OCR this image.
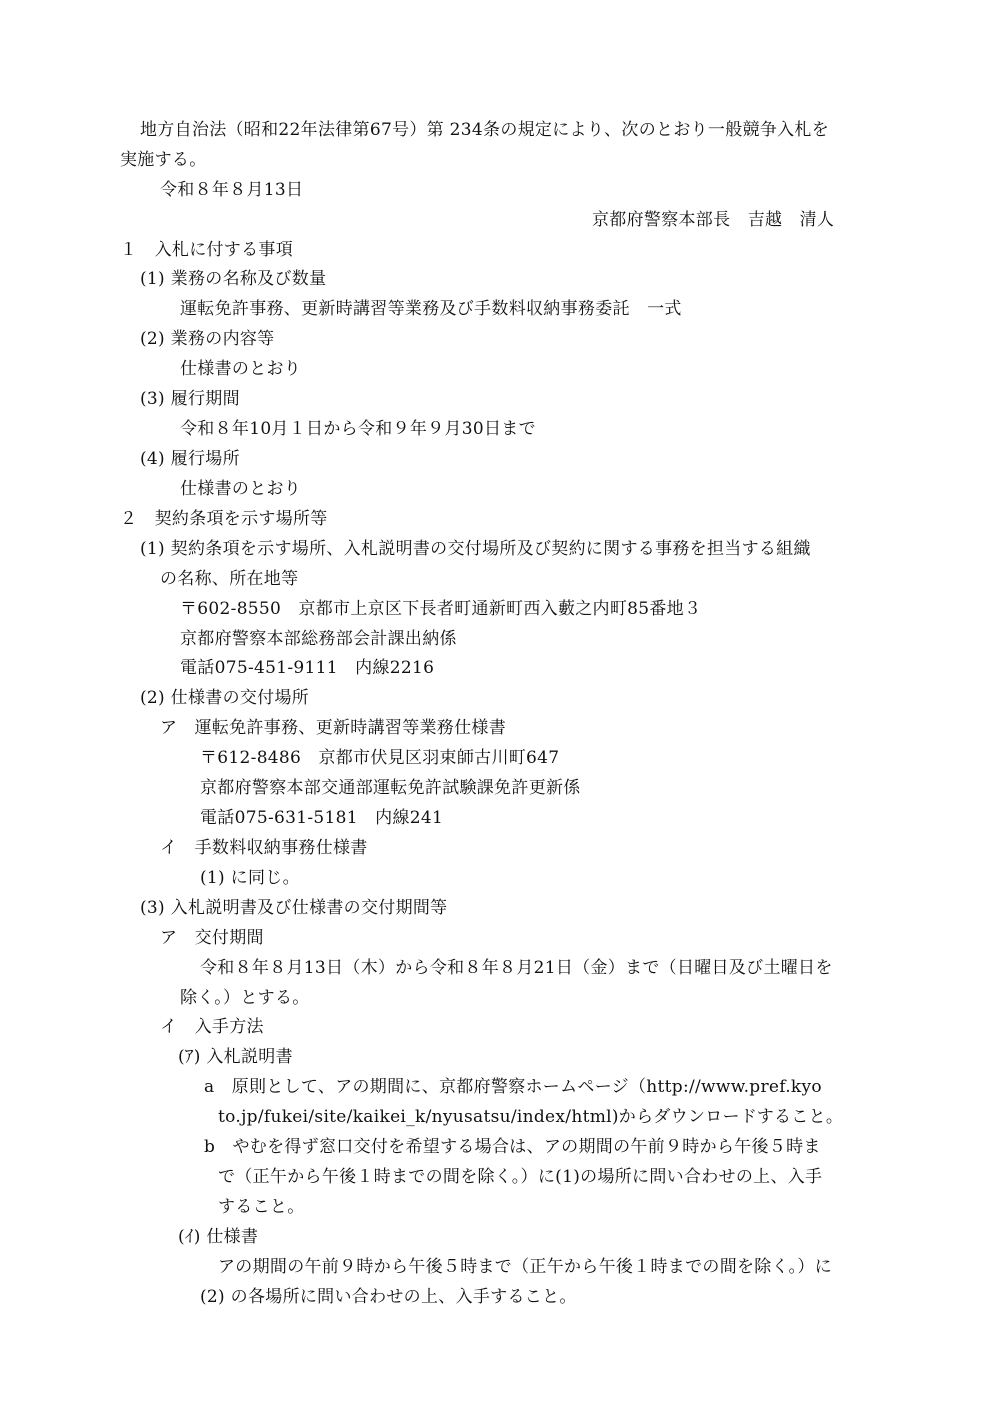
地方自治法（昭和22年法律第67号）第 234条の規定により、次のとおり一般競争入札を
実施する。
令和８年８月13日
京都府警察本部長　吉越　清人
１　入札に付する事項
(1) 業務の名称及び数量
運転免許事務、更新時講習等業務及び手数料収納事務委託　一式
(2) 業務の内容等
仕様書のとおり
(3) 履行期間
令和８年10月１日から令和９年９月30日まで
(4) 履行場所
仕様書のとおり
２　契約条項を示す場所等
(1) 契約条項を示す場所、入札説明書の交付場所及び契約に関する事務を担当する組織
の名称、所在地等
〒602-8550　京都市上京区下長者町通新町西入藪之内町85番地３
京都府警察本部総務部会計課出納係
電話075-451-9111　内線2216
(2) 仕様書の交付場所
ア　運転免許事務、更新時講習等業務仕様書
〒612-8486　京都市伏見区羽束師古川町647
京都府警察本部交通部運転免許試験課免許更新係
電話075-631-5181　内線241
イ　手数料収納事務仕様書
(1) に同じ。
(3) 入札説明書及び仕様書の交付期間等
ア　交付期間
令和８年８月13日（木）から令和８年８月21日（金）まで（日曜日及び土曜日を
除く。）とする。
イ　入手方法
(ｱ) 入札説明書
a　原則として、アの期間に、京都府警察ホームページ（http://www.pref.kyo
to.jp/fukei/site/kaikei_k/nyusatsu/index/html)からダウンロードすること。
b　やむを得ず窓口交付を希望する場合は、アの期間の午前９時から午後５時ま
で（正午から午後１時までの間を除く。）に(1)の場所に問い合わせの上、入手
すること。
(ｲ) 仕様書
アの期間の午前９時から午後５時まで（正午から午後１時までの間を除く。）に
(2) の各場所に問い合わせの上、入手すること。
